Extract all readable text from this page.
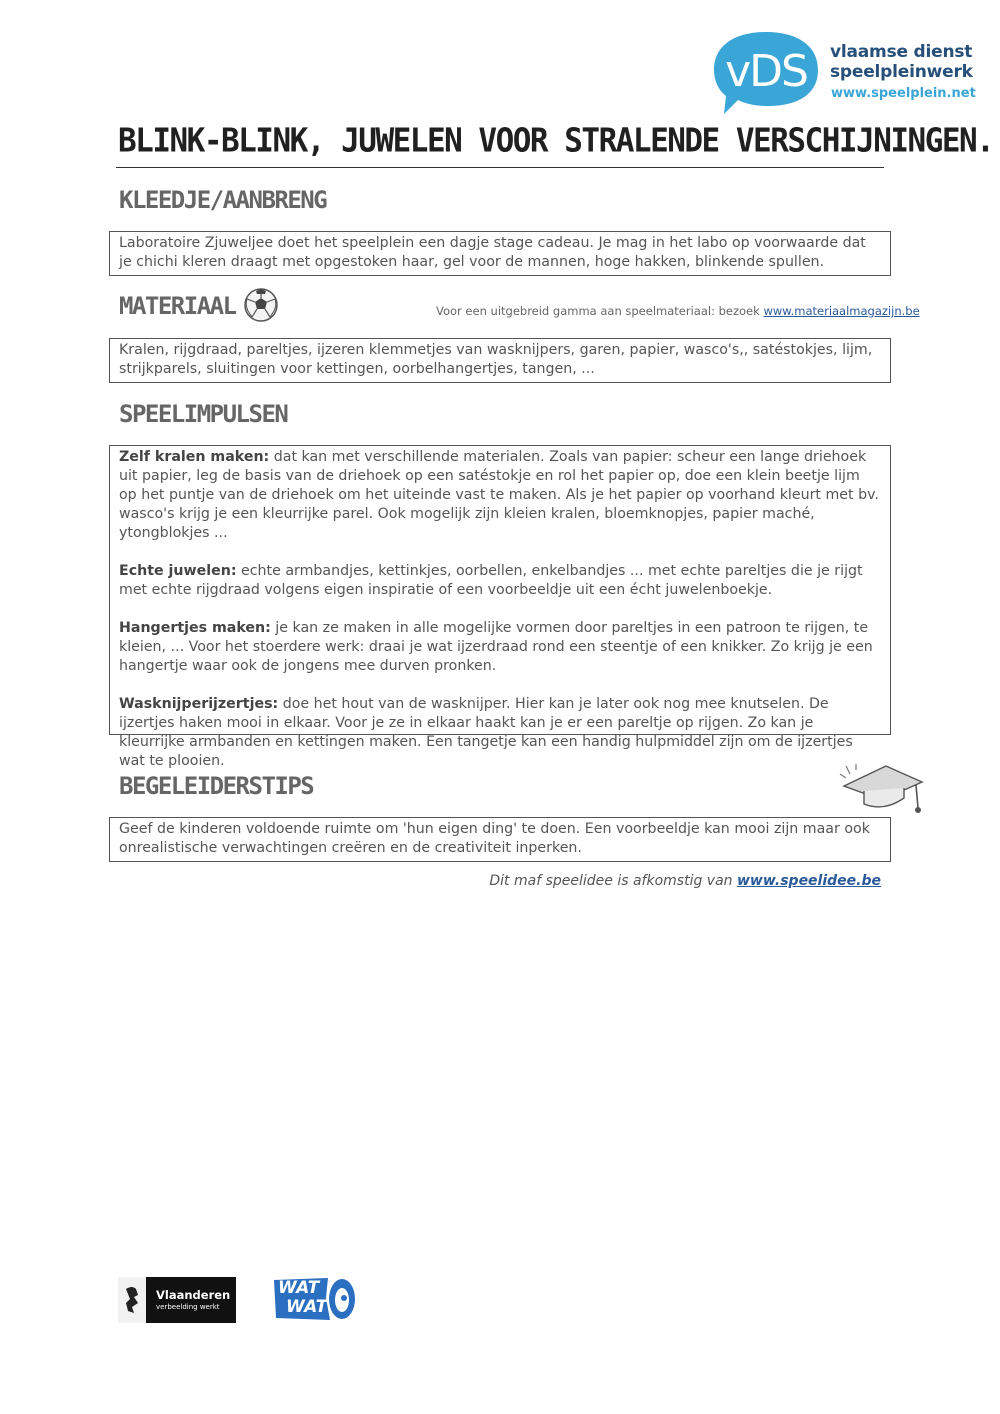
vDS vlaamse dienst
speelpleinwerk
www.speelplein.net
BLINK-BLINK, JUWELEN VOOR STRALENDE VERSCHIJNINGEN.
KLEEDJE/AANBRENG

Laboratoire Zjuweljee doet het speelplein een dagje stage cadeau. Je mag in het labo op voorwaarde dat je chichi kleren draagt met opgestoken haar, gel voor de mannen, hoge hakken, blinkende spullen.

MATERIAAL	Voor een uitgebreid gamma aan speelmateriaal: bezoek www.materiaalmagazijn.be

Kralen, rijgdraad, pareltjes, ijzeren klemmetjes van wasknijpers, garen, papier, wasco's,, satéstokjes, lijm, strijkparels, sluitingen voor kettingen, oorbelhangertjes, tangen, ...

SPEELIMPULSEN

Zelf kralen maken: dat kan met verschillende materialen. Zoals van papier: scheur een lange driehoek uit papier, leg de basis van de driehoek op een satéstokje en rol het papier op, doe een klein beetje lijm op het puntje van de driehoek om het uiteinde vast te maken. Als je het papier op voorhand kleurt met bv. wasco's krijg je een kleurrijke parel. Ook mogelijk zijn kleien kralen, bloemknopjes, papier maché, ytongblokjes ...

Echte juwelen: echte armbandjes, kettinkjes, oorbellen, enkelbandjes ... met echte pareltjes die je rijgt met echte rijgdraad volgens eigen inspiratie of een voorbeeldje uit een écht juwelenboekje.

Hangertjes maken: je kan ze maken in alle mogelijke vormen door pareltjes in een patroon te rijgen, te kleien, ... Voor het stoerdere werk: draai je wat ijzerdraad rond een steentje of een knikker. Zo krijg je een hangertje waar ook de jongens mee durven pronken.

Wasknijperijzertjes: doe het hout van de wasknijper. Hier kan je later ook nog mee knutselen. De ijzertjes haken mooi in elkaar. Voor je ze in elkaar haakt kan je er een pareltje op rijgen. Zo kan je kleurrijke armbanden en kettingen maken. Een tangetje kan een handig hulpmiddel zijn om de ijzertjes wat te plooien.

BEGELEIDERSTIPS

Geef de kinderen voldoende ruimte om 'hun eigen ding' te doen. Een voorbeeldje kan mooi zijn maar ook onrealistische verwachtingen creëren en de creativiteit inperken.

Dit maf speelidee is afkomstig van www.speelidee.be
Vlaanderen
verbeelding werkt
WAT
WAT
